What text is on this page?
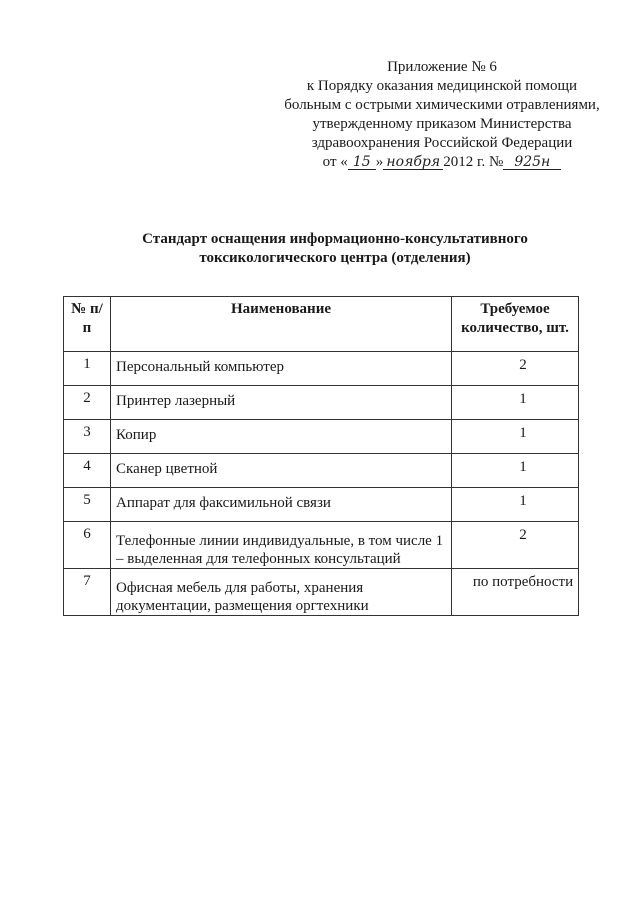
Приложение № 6
к Порядку оказания медицинской помощи
больным с острыми химическими отравлениями,
утвержденному приказом Министерства
здравоохранения Российской Федерации
от « 15 » ноября 2012 г. № 925н
Стандарт оснащения информационно-консультативного
токсикологического центра (отделения)
№ п/п	Наименование	Требуемое количество, шт.
1	Персональный компьютер	2
2	Принтер лазерный	1
3	Копир	1
4	Сканер цветной	1
5	Аппарат для факсимильной связи	1
6	Телефонные линии индивидуальные, в том числе 1 – выделенная для телефонных консультаций	2
7	Офисная мебель для работы, хранения документации, размещения оргтехники	по потребности
